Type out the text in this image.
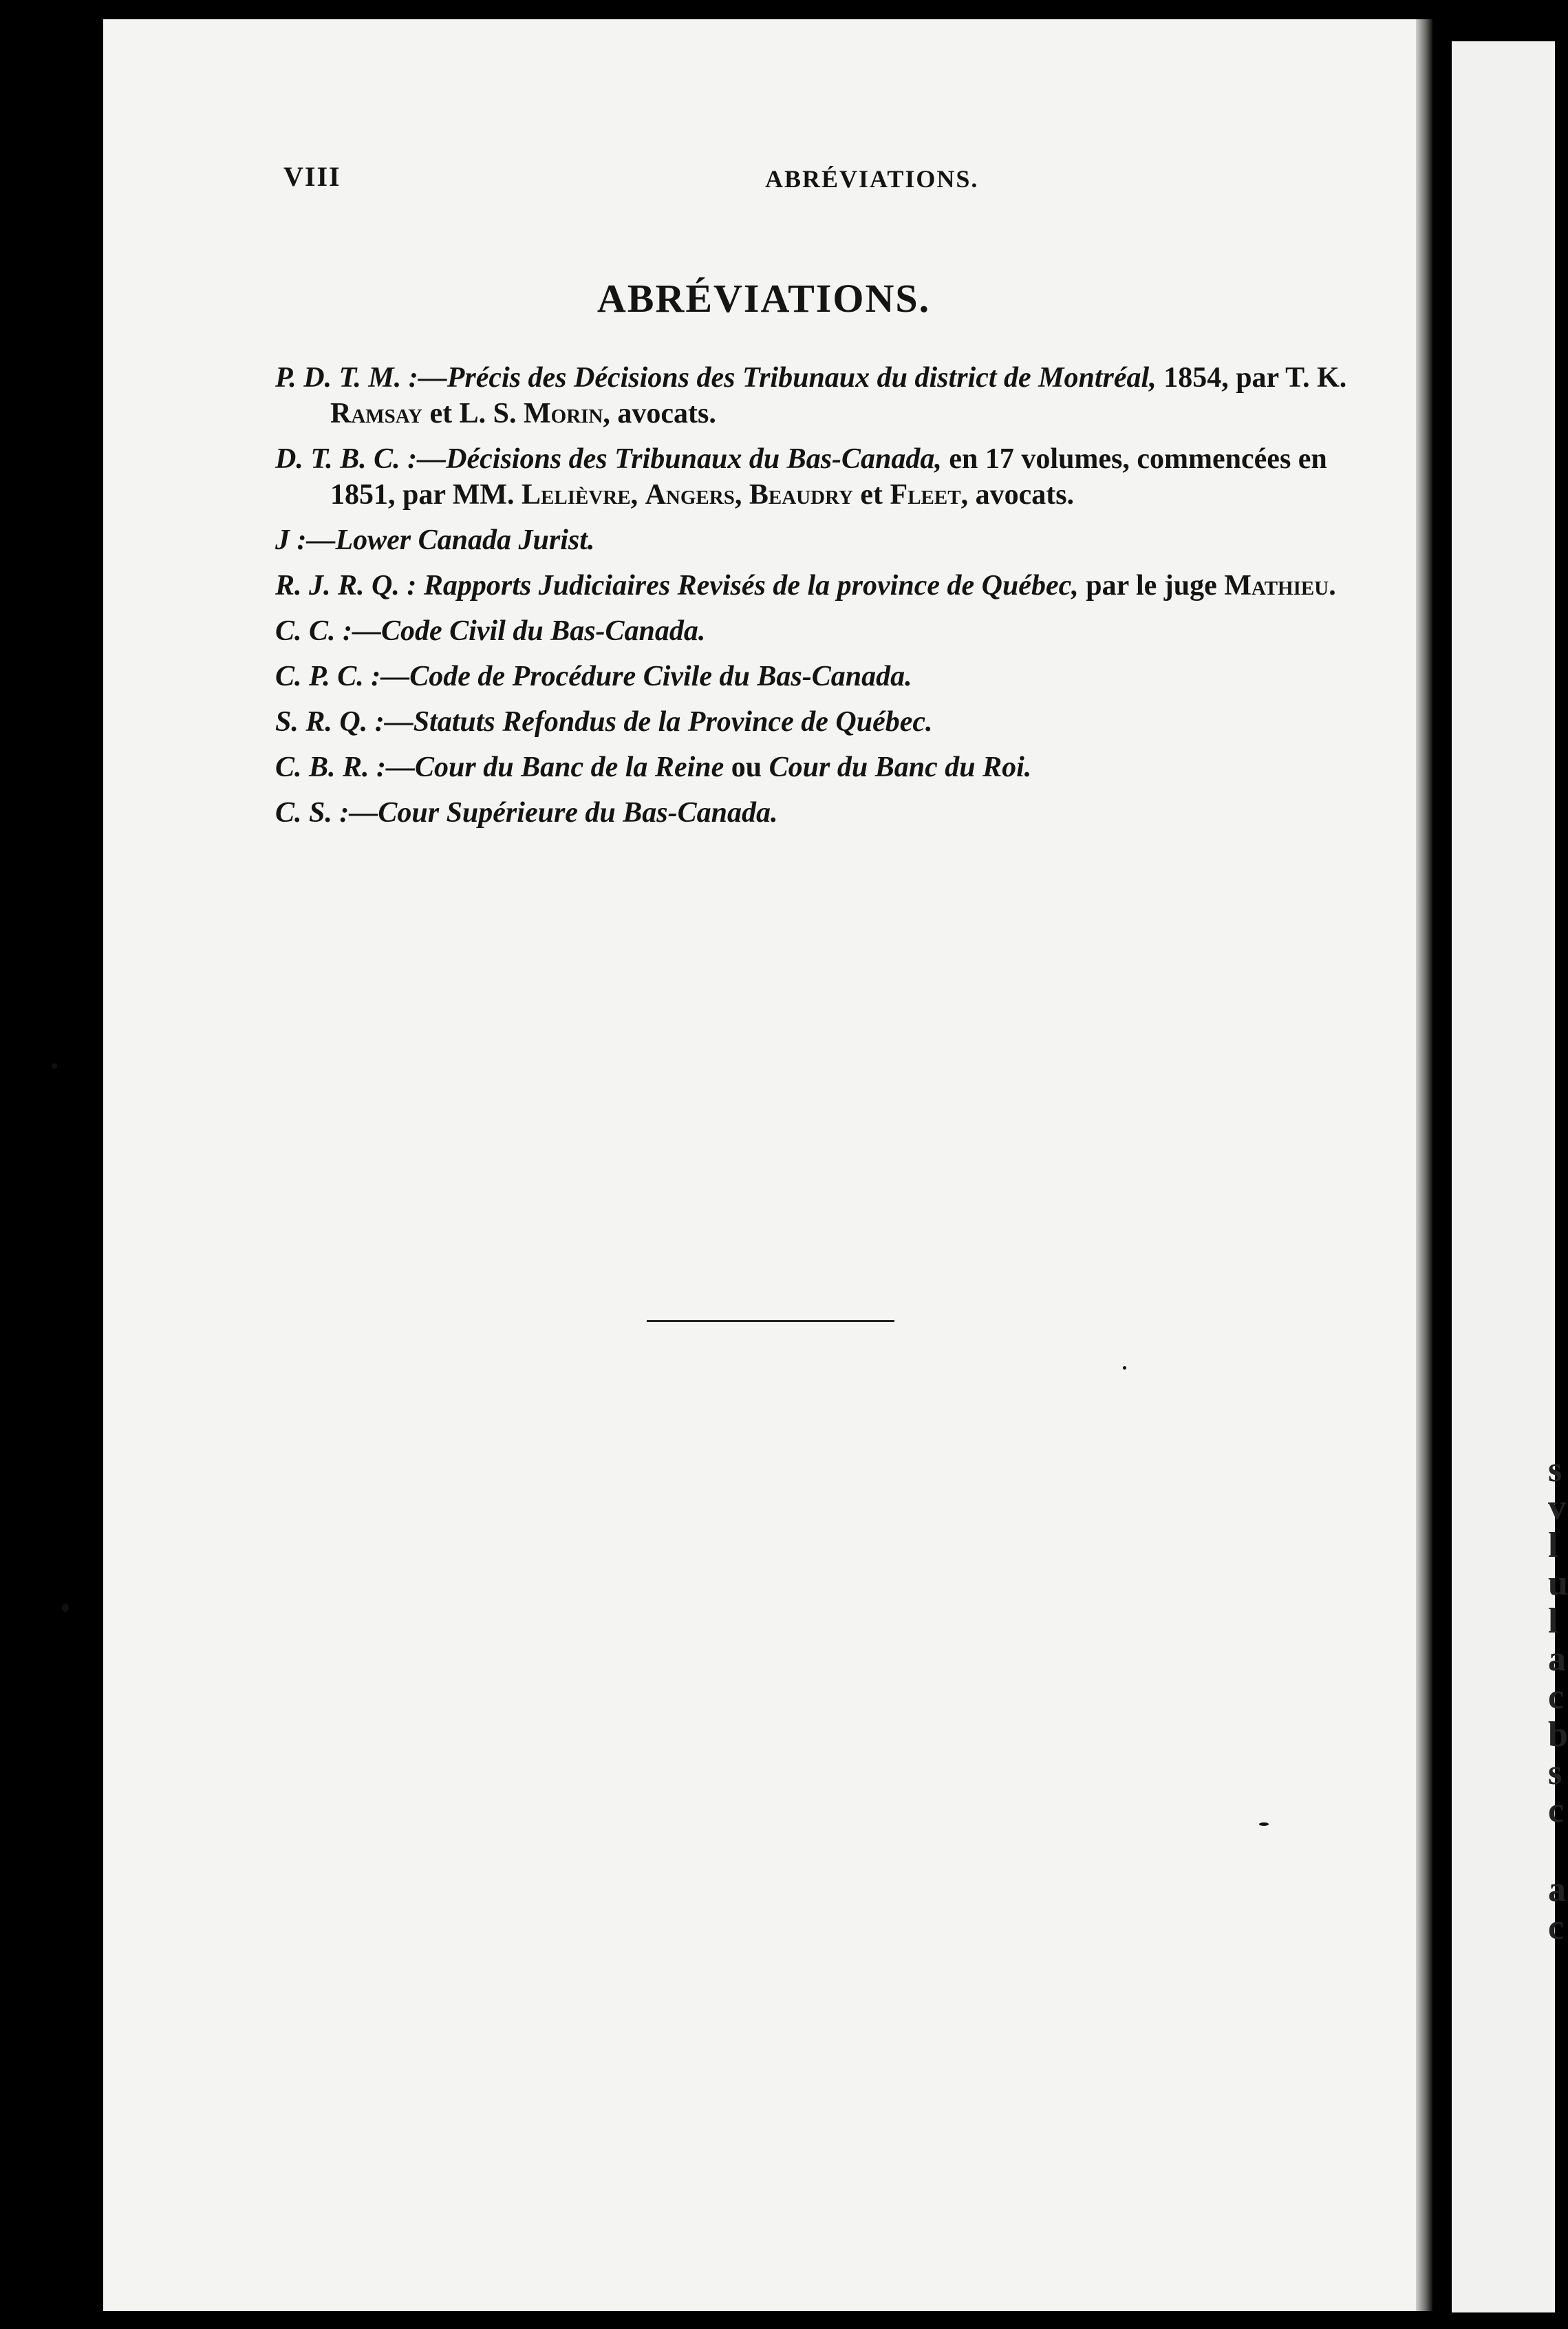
VIII	ABRÉVIATIONS.
ABRÉVIATIONS.
P. D. T. M. :—Précis des Décisions des Tribunaux du district de Montréal, 1854, par T. K. Ramsay et L. S. Morin, avocats.
D. T. B. C. :—Décisions des Tribunaux du Bas-Canada, en 17 volumes, commencées en 1851, par MM. Lelièvre, Angers, Beaudry et Fleet, avocats.
J :—Lower Canada Jurist.
R. J. R. Q. : Rapports Judiciaires Revisés de la province de Québec, par le juge Mathieu.
C. C. :—Code Civil du Bas-Canada.
C. P. C. :—Code de Procédure Civile du Bas-Canada.
S. R. Q. :—Statuts Refondus de la Province de Québec.
C. B. R. :—Cour du Banc de la Reine ou Cour du Banc du Roi.
C. S. :—Cour Supérieure du Bas-Canada.
s
v
l
u
l
a
c
b
s
c
a
c
